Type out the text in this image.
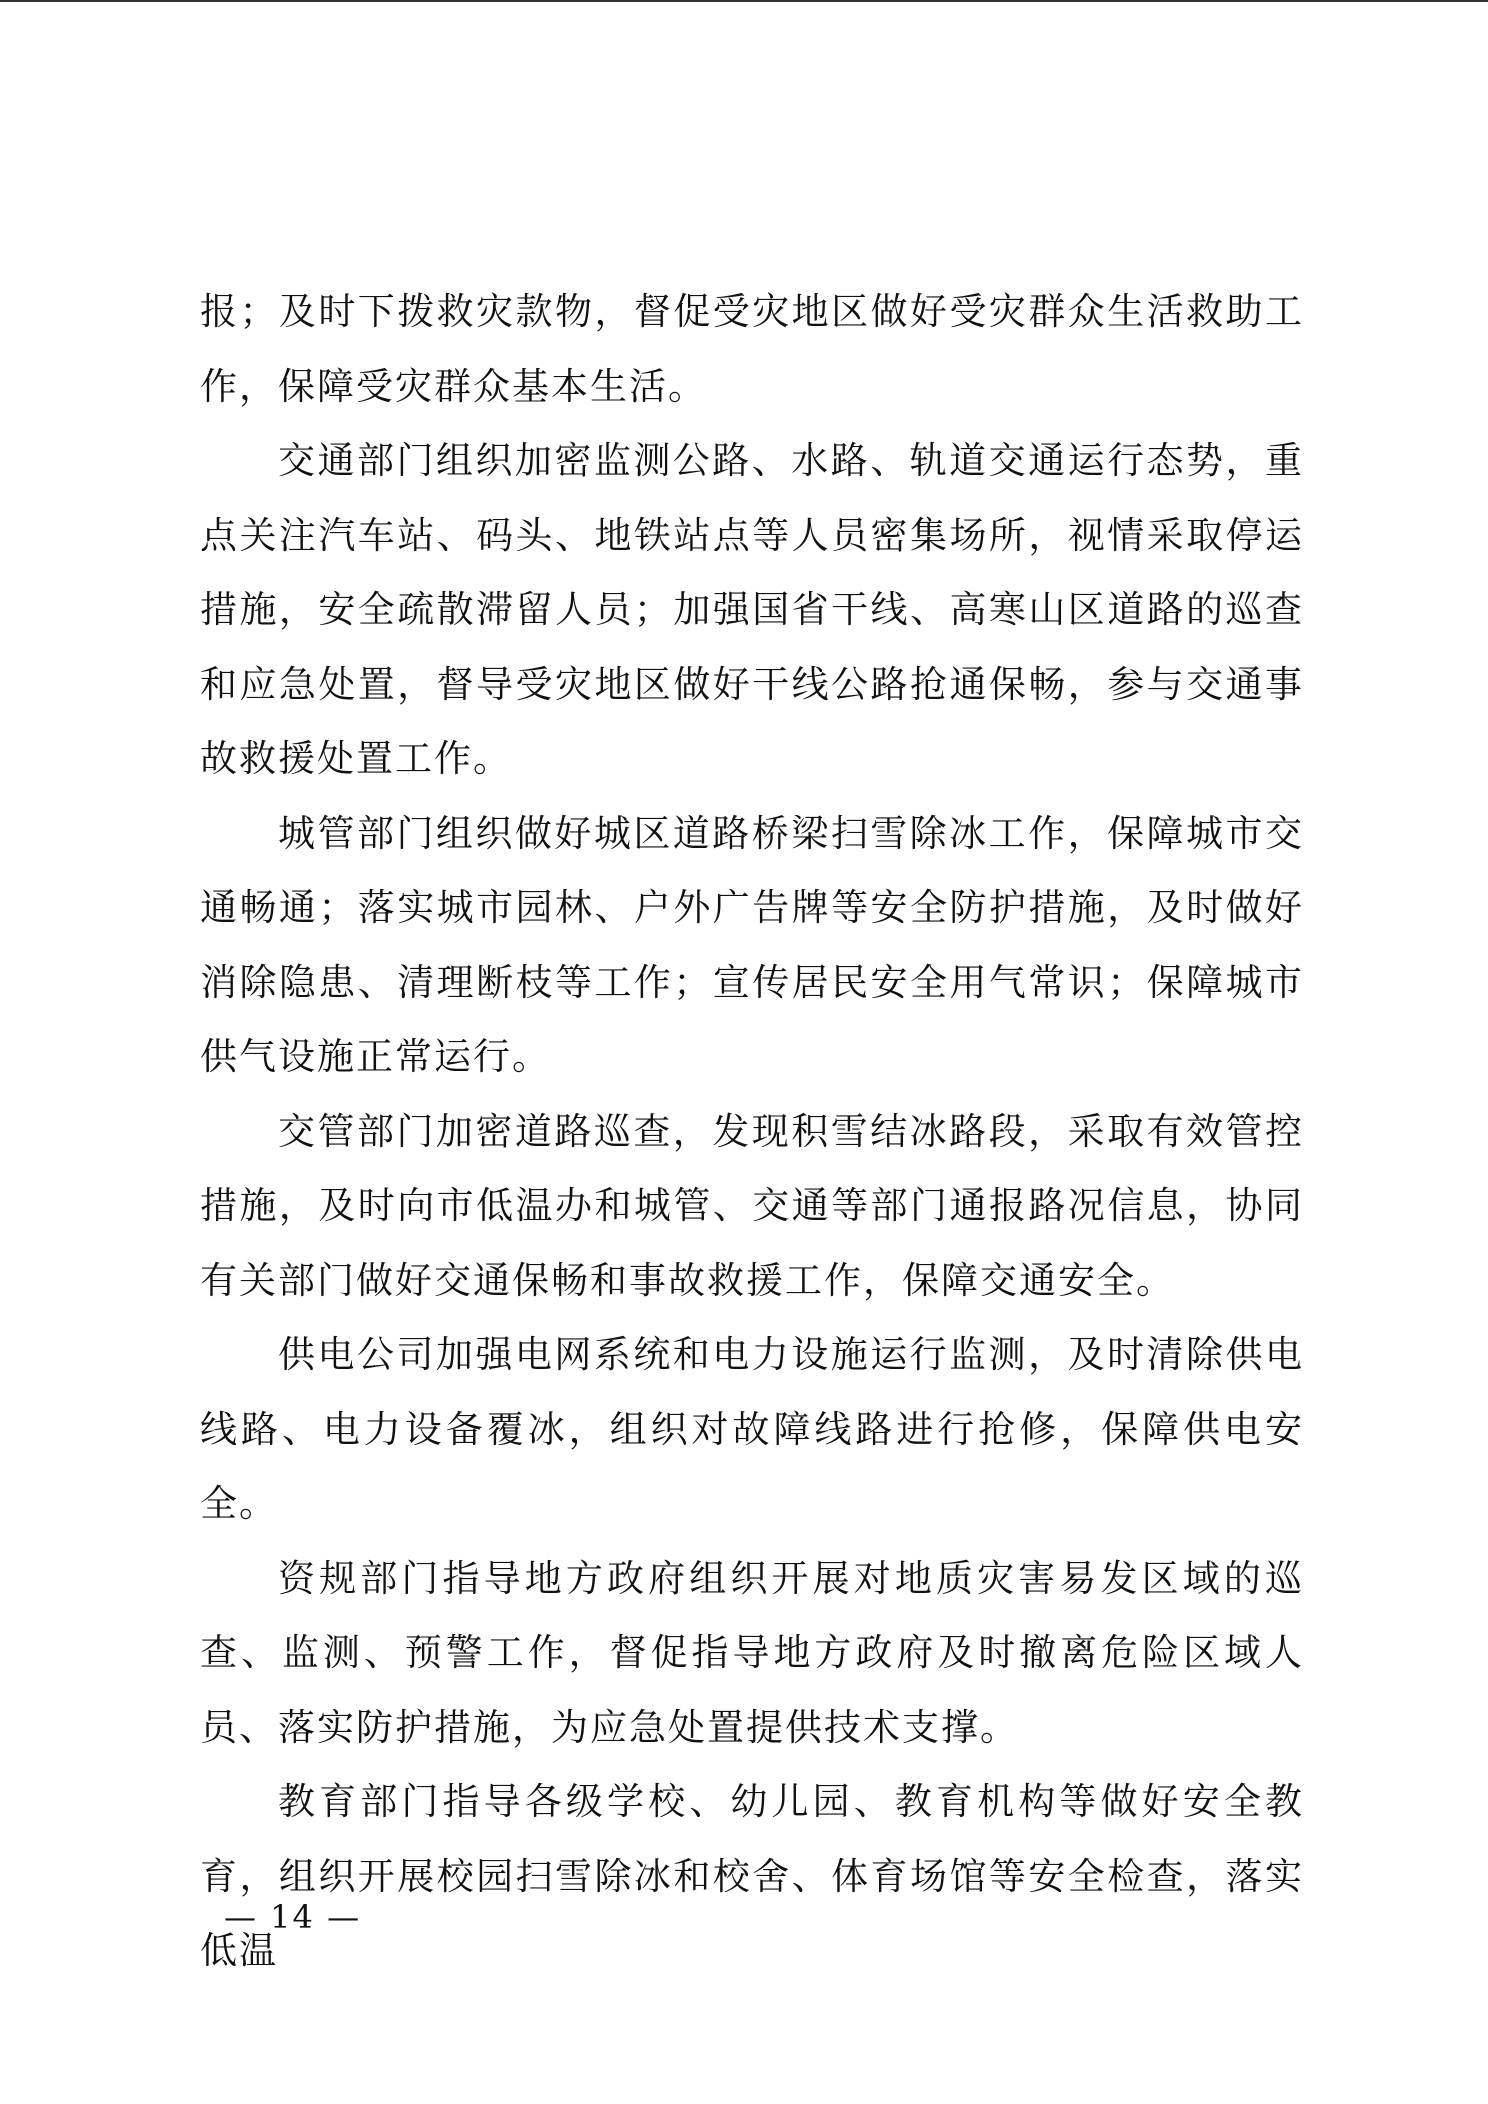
报；及时下拨救灾款物，督促受灾地区做好受灾群众生活救助工作，保障受灾群众基本生活。

交通部门组织加密监测公路、水路、轨道交通运行态势，重点关注汽车站、码头、地铁站点等人员密集场所，视情采取停运措施，安全疏散滞留人员；加强国省干线、高寒山区道路的巡查和应急处置，督导受灾地区做好干线公路抢通保畅，参与交通事故救援处置工作。

城管部门组织做好城区道路桥梁扫雪除冰工作，保障城市交通畅通；落实城市园林、户外广告牌等安全防护措施，及时做好消除隐患、清理断枝等工作；宣传居民安全用气常识；保障城市供气设施正常运行。

交管部门加密道路巡查，发现积雪结冰路段，采取有效管控措施，及时向市低温办和城管、交通等部门通报路况信息，协同有关部门做好交通保畅和事故救援工作，保障交通安全。

供电公司加强电网系统和电力设施运行监测，及时清除供电线路、电力设备覆冰，组织对故障线路进行抢修，保障供电安全。

资规部门指导地方政府组织开展对地质灾害易发区域的巡查、监测、预警工作，督促指导地方政府及时撤离危险区域人员、落实防护措施，为应急处置提供技术支撑。

教育部门指导各级学校、幼儿园、教育机构等做好安全教育，组织开展校园扫雪除冰和校舍、体育场馆等安全检查，落实低温

— 14 —
